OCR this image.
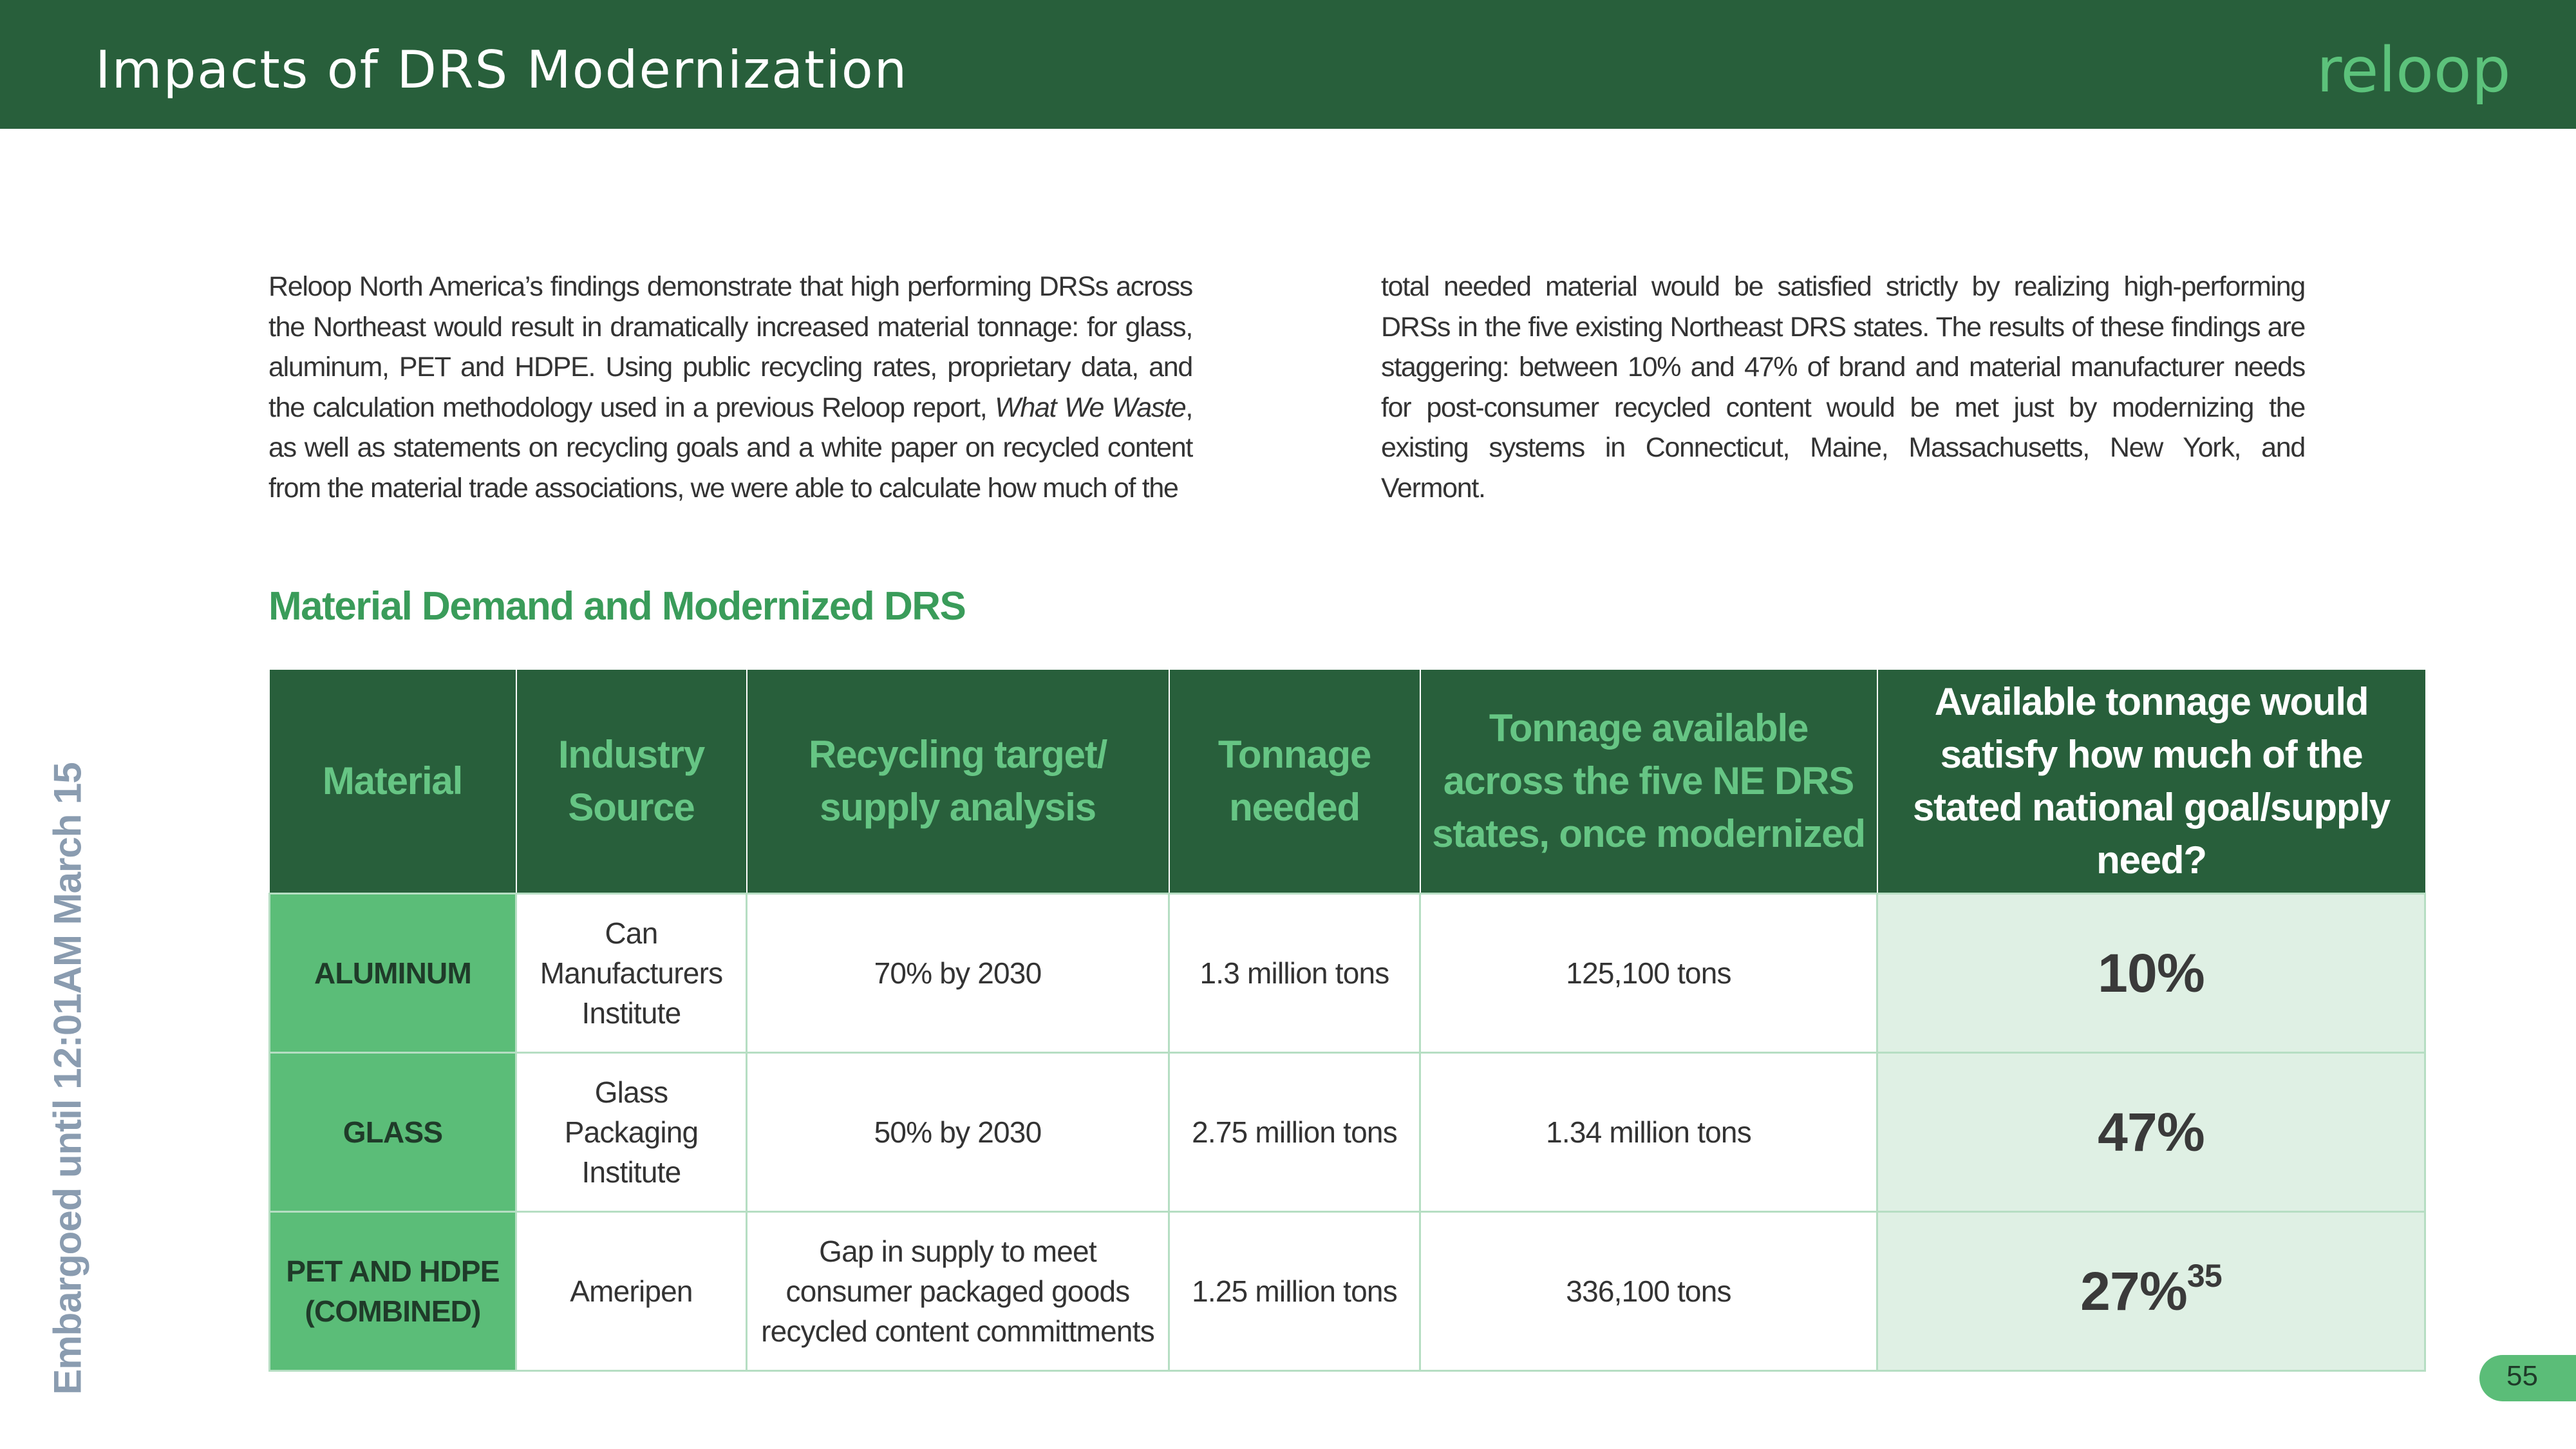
Impacts of DRS Modernization	reloop
Reloop North America’s findings demonstrate that high performing DRSs across the Northeast would result in dramatically increased material tonnage: for glass, aluminum, PET and HDPE. Using public recycling rates, proprietary data, and the calculation methodology used in a previous Reloop report, What We Waste, as well as statements on recycling goals and a white paper on recycled content from the material trade associations, we were able to calculate how much of the
total needed material would be satisfied strictly by realizing high-performing DRSs in the five existing Northeast DRS states. The results of these findings are staggering: between 10% and 47% of brand and material manufacturer needs for post-consumer recycled content would be met just by modernizing the existing systems in Connecticut, Maine, Massachusetts, New York, and Vermont.
Material Demand and Modernized DRS
Material	Industry Source	Recycling target/ supply analysis	Tonnage needed	Tonnage available across the five NE DRS states, once modernized	Available tonnage would satisfy how much of the stated national goal/supply need?
ALUMINUM	Can Manufacturers Institute	70% by 2030	1.3 million tons	125,100 tons	10%
GLASS	Glass Packaging Institute	50% by 2030	2.75 million tons	1.34 million tons	47%
PET AND HDPE (COMBINED)	Ameripen	Gap in supply to meet consumer packaged goods recycled content committments	1.25 million tons	336,100 tons	27%$^{35}$
Embargoed until 12:01AM March 15	55
